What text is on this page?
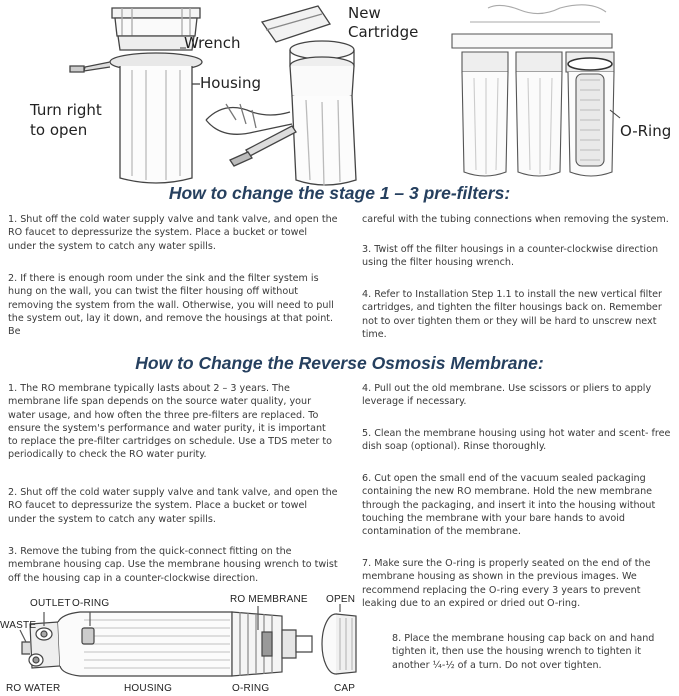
Wrench
Housing
Turn right to open
New Cartridge
O-Ring
How to change the stage 1 – 3 pre-filters:

1. Shut off the cold water supply valve and tank valve, and open the RO faucet to depressurize the system. Place a bucket or towel under the system to catch any water spills.

2. If there is enough room under the sink and the filter system is hung on the wall, you can twist the filter housing off without removing the system from the wall. Otherwise, you will need to pull the system out, lay it down, and remove the housings at that point. Be

careful with the tubing connections when removing the system.

3. Twist off the filter housings in a counter-clockwise direction using the filter housing wrench.

4. Refer to Installation Step 1.1 to install the new vertical filter cartridges, and tighten the filter housings back on. Remember not to over tighten them or they will be hard to unscrew next time.

How to Change the Reverse Osmosis Membrane:

1. The RO membrane typically lasts about 2 – 3 years. The membrane life span depends on the source water quality, your water usage, and how often the three pre-filters are replaced. To ensure the system's performance and water purity, it is important to replace the pre-filter cartridges on schedule. Use a TDS meter to periodically to check the RO water purity.

2. Shut off the cold water supply valve and tank valve, and open the RO faucet to depressurize the system. Place a bucket or towel under the system to catch any water spills.

3. Remove the tubing from the quick-connect fitting on the membrane housing cap. Use the membrane housing wrench to twist off the housing cap in a counter-clockwise direction.

4. Pull out the old membrane. Use scissors or pliers to apply leverage if necessary.

5. Clean the membrane housing using hot water and scent- free dish soap (optional). Rinse thoroughly.

6. Cut open the small end of the vacuum sealed packaging containing the new RO membrane. Hold the new membrane through the packaging, and insert it into the housing without touching the membrane with your bare hands to avoid contamination of the membrane.

7. Make sure the O-ring is properly seated on the end of the membrane housing as shown in the previous images. We recommend replacing the O-ring every 3 years to prevent leaking due to an expired or dried out O-ring.

8. Place the membrane housing cap back on and hand tighten it, then use the housing wrench to tighten it another ¼-½ of a turn. Do not over tighten.

OUTLET O-RING	RO MEMBRANE OPEN
WASTE
RO WATER	HOUSING	O-RING	CAP
